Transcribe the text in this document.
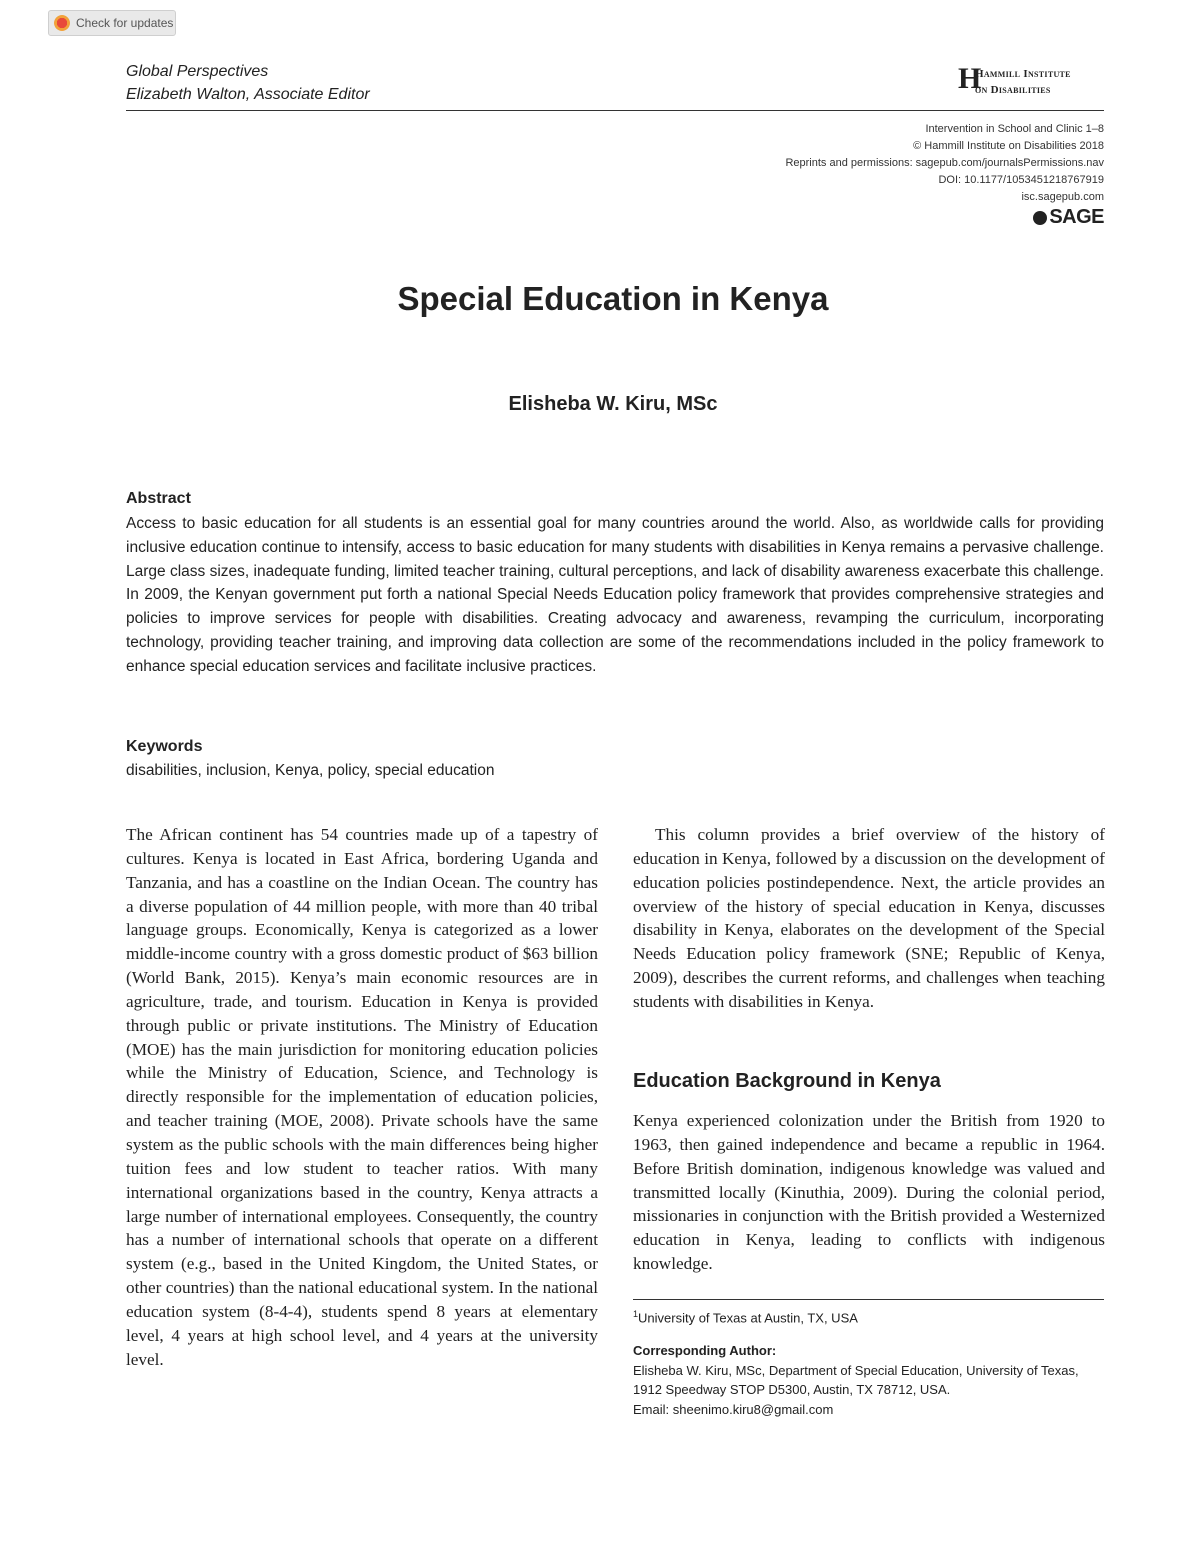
Check for updates
Global Perspectives
Elizabeth Walton, Associate Editor	H
Hammill Institute
on Disabilities
Intervention in School and Clinic 1–8
© Hammill Institute on Disabilities 2018
Reprints and permissions: sagepub.com/journalsPermissions.nav
DOI: 10.1177/1053451218767919
isc.sagepub.com
SAGE
Special Education in Kenya
Elisheba W. Kiru, MSc
Abstract
Access to basic education for all students is an essential goal for many countries around the world. Also, as worldwide calls for providing inclusive education continue to intensify, access to basic education for many students with disabilities in Kenya remains a pervasive challenge. Large class sizes, inadequate funding, limited teacher training, cultural perceptions, and lack of disability awareness exacerbate this challenge. In 2009, the Kenyan government put forth a national Special Needs Education policy framework that provides comprehensive strategies and policies to improve services for people with disabilities. Creating advocacy and awareness, revamping the curriculum, incorporating technology, providing teacher training, and improving data collection are some of the recommendations included in the policy framework to enhance special education services and facilitate inclusive practices.
Keywords
disabilities, inclusion, Kenya, policy, special education

The African continent has 54 countries made up of a tapestry of cultures. Kenya is located in East Africa, bordering Uganda and Tanzania, and has a coastline on the Indian Ocean. The country has a diverse population of 44 million people, with more than 40 tribal language groups. Economically, Kenya is categorized as a lower middle-income country with a gross domestic product of $63 billion (World Bank, 2015). Kenya’s main economic resources are in agriculture, trade, and tourism. Education in Kenya is provided through public or private institutions. The Ministry of Education (MOE) has the main jurisdiction for monitoring education policies while the Ministry of Education, Science, and Technology is directly responsible for the implementation of education policies, and teacher training (MOE, 2008). Private schools have the same system as the public schools with the main differences being higher tuition fees and low student to teacher ratios. With many international organizations based in the country, Kenya attracts a large number of international employees. Consequently, the country has a number of international schools that operate on a different system (e.g., based in the United Kingdom, the United States, or other countries) than the national educational system. In the national education system (8-4-4), students spend 8 years at elementary level, 4 years at high school level, and 4 years at the university level.

This column provides a brief overview of the history of education in Kenya, followed by a discussion on the development of education policies postindependence. Next, the article provides an overview of the history of special education in Kenya, discusses disability in Kenya, elaborates on the development of the Special Needs Education policy framework (SNE; Republic of Kenya, 2009), describes the current reforms, and challenges when teaching students with disabilities in Kenya.

Education Background in Kenya

Kenya experienced colonization under the British from 1920 to 1963, then gained independence and became a republic in 1964. Before British domination, indigenous knowledge was valued and transmitted locally (Kinuthia, 2009). During the colonial period, missionaries in conjunction with the British provided a Westernized education in Kenya, leading to conflicts with indigenous knowledge.

$^1$University of Texas at Austin, TX, USA
Corresponding Author:
Elisheba W. Kiru, MSc, Department of Special Education, University of Texas, 1912 Speedway STOP D5300, Austin, TX 78712, USA.
Email: sheenimo.kiru8@gmail.com
